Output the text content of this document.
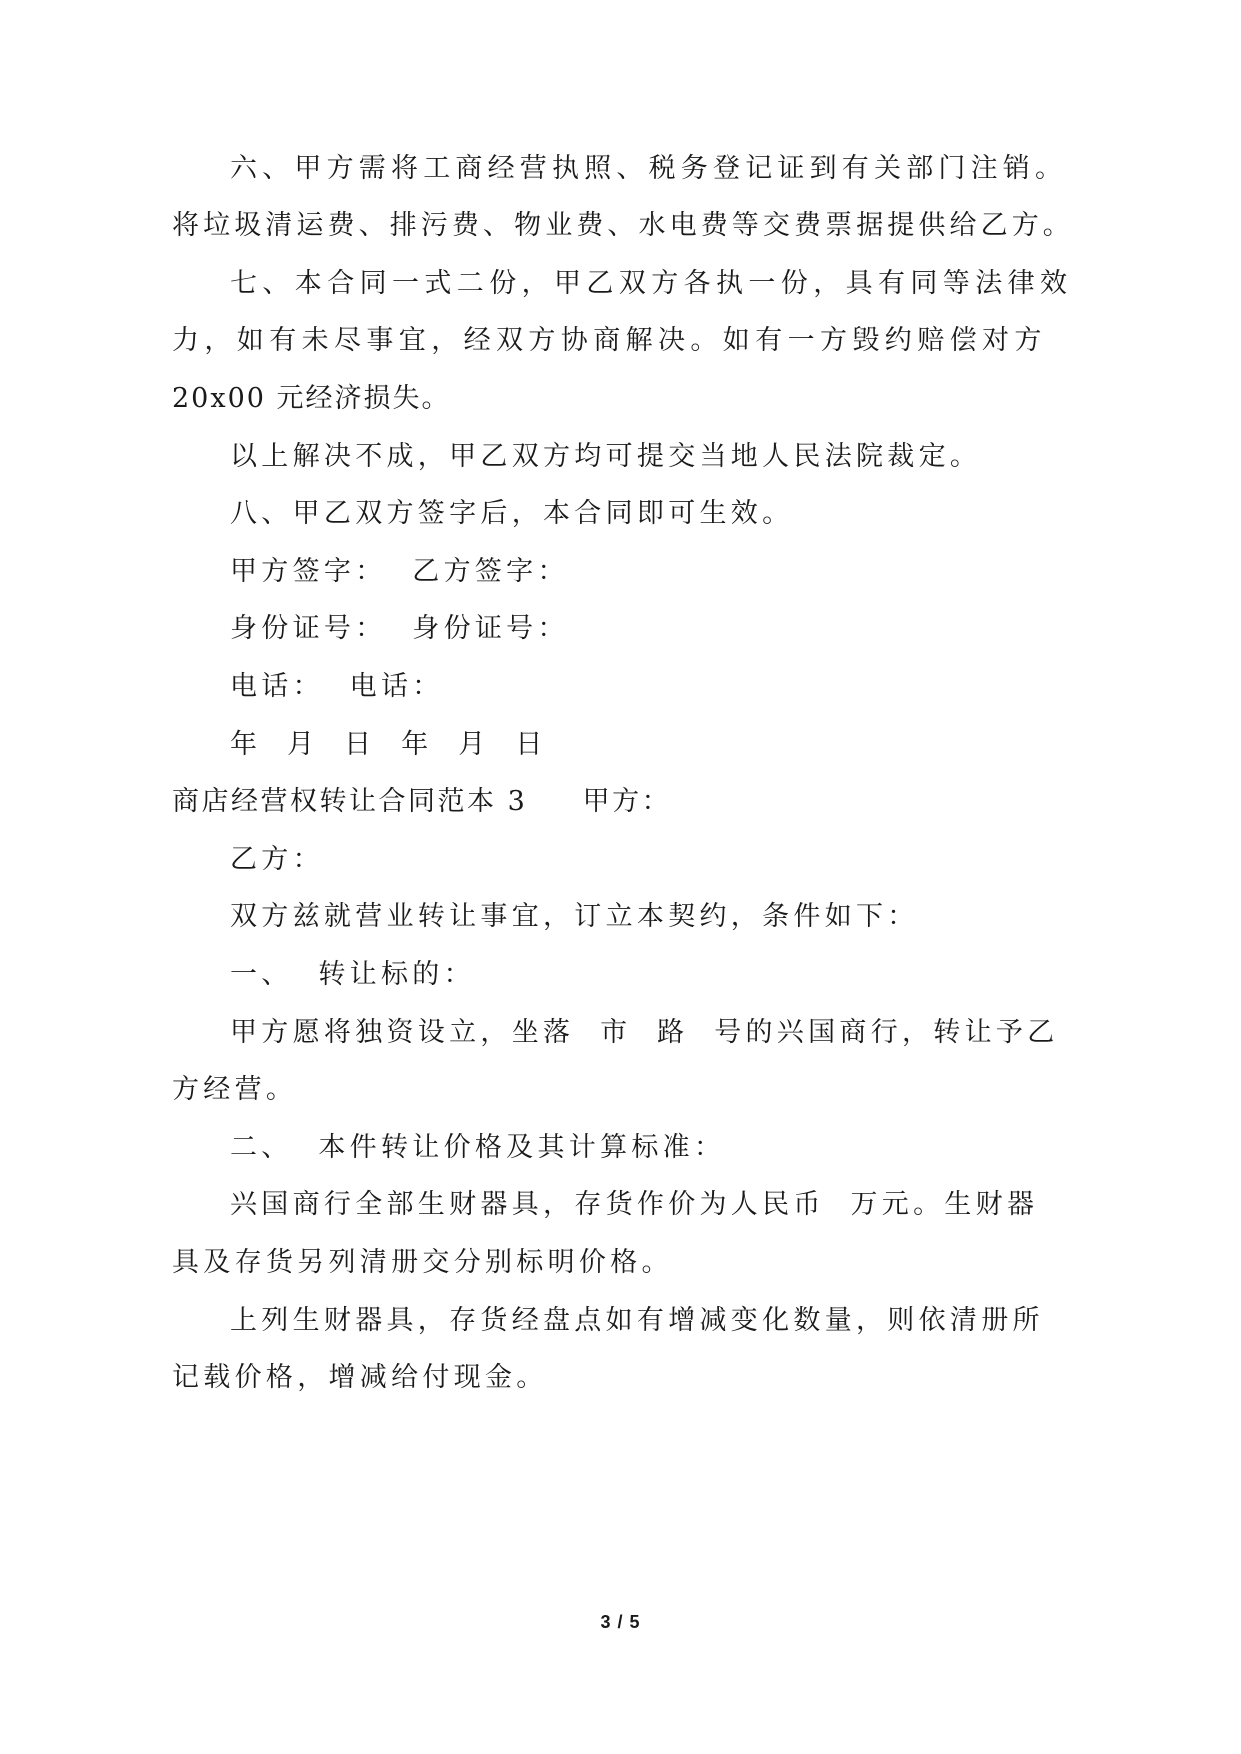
六、甲方需将工商经营执照、税务登记证到有关部门注销。
将垃圾清运费、排污费、物业费、水电费等交费票据提供给乙方。
七、本合同一式二份，甲乙双方各执一份，具有同等法律效
力，如有未尽事宜，经双方协商解决。如有一方毁约赔偿对方
20x00 元经济损失。
以上解决不成，甲乙双方均可提交当地人民法院裁定。
八、甲乙双方签字后，本合同即可生效。
甲方签字：  乙方签字：
身份证号：  身份证号：
电话：  电话：
年  月  日  年  月  日
商店经营权转让合同范本 3     甲方：
乙方：
双方兹就营业转让事宜，订立本契约，条件如下：
一、  转让标的：
甲方愿将独资设立，坐落  市  路  号的兴国商行，转让予乙
方经营。
二、  本件转让价格及其计算标准：
兴国商行全部生财器具，存货作价为人民币  万元。生财器
具及存货另列清册交分别标明价格。
上列生财器具，存货经盘点如有增减变化数量，则依清册所
记载价格，增减给付现金。
3 / 5
